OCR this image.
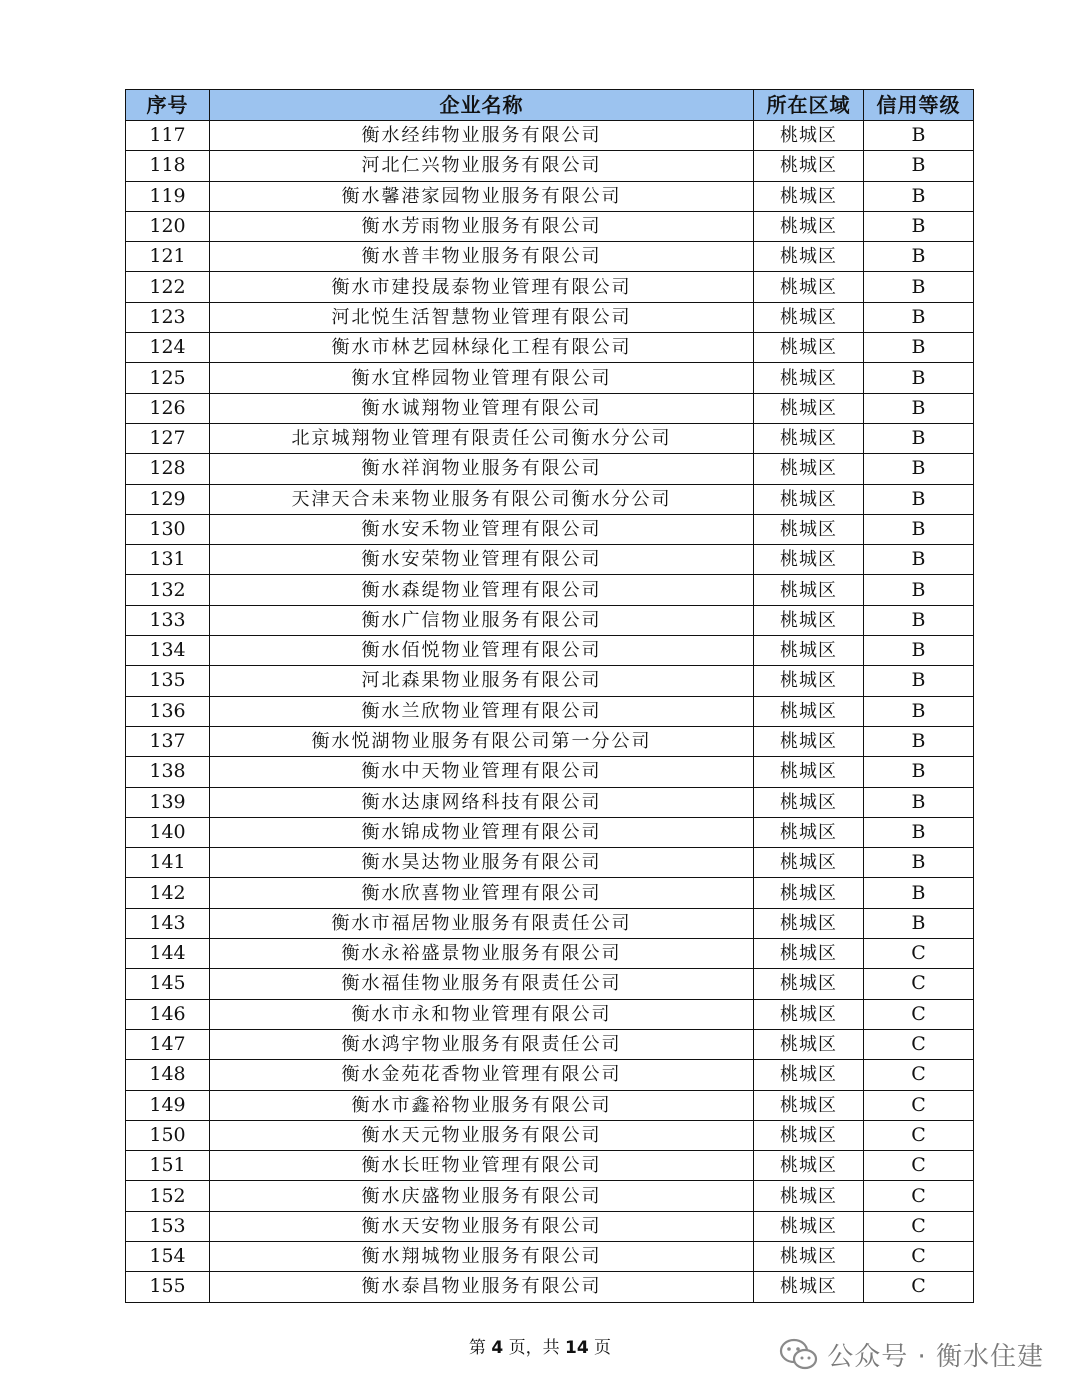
序号	企业名称	所在区域	信用等级
117	衡水经纬物业服务有限公司	桃城区	B
118	河北仁兴物业服务有限公司	桃城区	B
119	衡水馨港家园物业服务有限公司	桃城区	B
120	衡水芳雨物业服务有限公司	桃城区	B
121	衡水普丰物业服务有限公司	桃城区	B
122	衡水市建投晟泰物业管理有限公司	桃城区	B
123	河北悦生活智慧物业管理有限公司	桃城区	B
124	衡水市林艺园林绿化工程有限公司	桃城区	B
125	衡水宜桦园物业管理有限公司	桃城区	B
126	衡水诚翔物业管理有限公司	桃城区	B
127	北京城翔物业管理有限责任公司衡水分公司	桃城区	B
128	衡水祥润物业服务有限公司	桃城区	B
129	天津天合未来物业服务有限公司衡水分公司	桃城区	B
130	衡水安禾物业管理有限公司	桃城区	B
131	衡水安荣物业管理有限公司	桃城区	B
132	衡水森缇物业管理有限公司	桃城区	B
133	衡水广信物业服务有限公司	桃城区	B
134	衡水佰悦物业管理有限公司	桃城区	B
135	河北森果物业服务有限公司	桃城区	B
136	衡水兰欣物业管理有限公司	桃城区	B
137	衡水悦湖物业服务有限公司第一分公司	桃城区	B
138	衡水中天物业管理有限公司	桃城区	B
139	衡水达康网络科技有限公司	桃城区	B
140	衡水锦成物业管理有限公司	桃城区	B
141	衡水昊达物业服务有限公司	桃城区	B
142	衡水欣喜物业管理有限公司	桃城区	B
143	衡水市福居物业服务有限责任公司	桃城区	B
144	衡水永裕盛景物业服务有限公司	桃城区	C
145	衡水福佳物业服务有限责任公司	桃城区	C
146	衡水市永和物业管理有限公司	桃城区	C
147	衡水鸿宇物业服务有限责任公司	桃城区	C
148	衡水金苑花香物业管理有限公司	桃城区	C
149	衡水市鑫裕物业服务有限公司	桃城区	C
150	衡水天元物业服务有限公司	桃城区	C
151	衡水长旺物业管理有限公司	桃城区	C
152	衡水庆盛物业服务有限公司	桃城区	C
153	衡水天安物业服务有限公司	桃城区	C
154	衡水翔城物业服务有限公司	桃城区	C
155	衡水泰昌物业服务有限公司	桃城区	C
第 4 页，共 14 页	公众号 · 衡水住建
